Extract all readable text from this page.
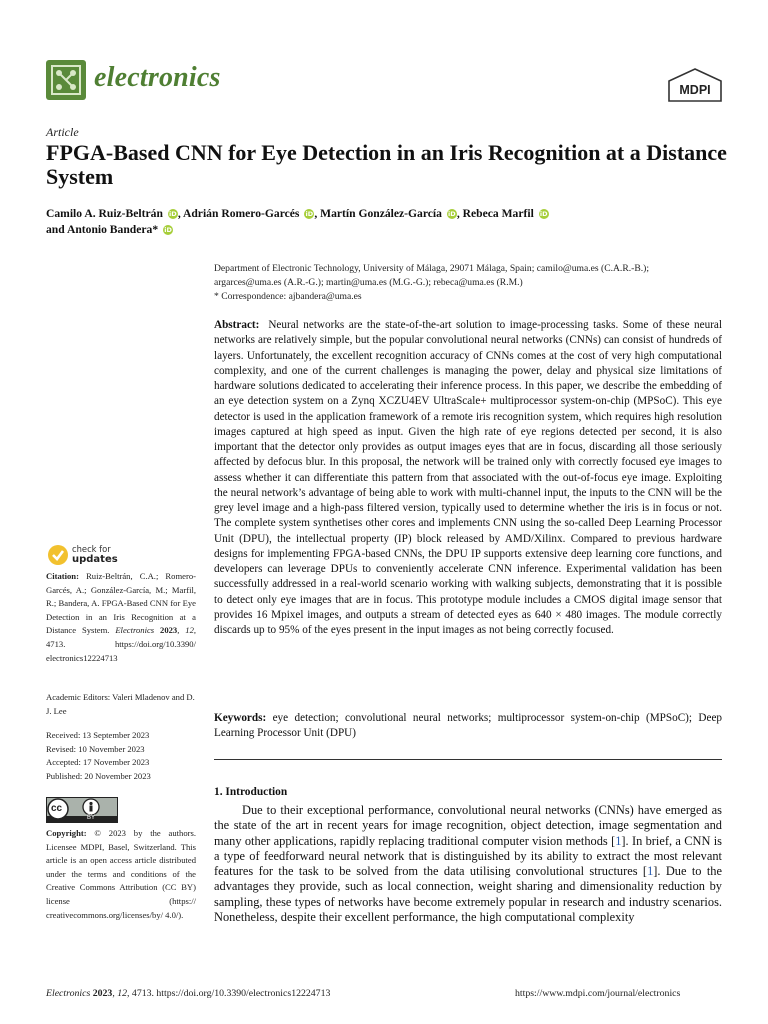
electronics	MDPI
Article
FPGA-Based CNN for Eye Detection in an Iris Recognition at a Distance System
Camilo A. Ruiz-Beltrán iD, Adrián Romero-Garcés iD, Martín González-García iD, Rebeca Marfil iD
and Antonio Bandera* iD
Department of Electronic Technology, University of Málaga, 29071 Málaga, Spain; camilo@uma.es (C.A.R.-B.);
argarces@uma.es (A.R.-G.); martin@uma.es (M.G.-G.); rebeca@uma.es (R.M.)
* Correspondence: ajbandera@uma.es

Abstract: Neural networks are the state-of-the-art solution to image-processing tasks. Some of these neural networks are relatively simple, but the popular convolutional neural networks (CNNs) can consist of hundreds of layers. Unfortunately, the excellent recognition accuracy of CNNs comes at the cost of very high computational complexity, and one of the current challenges is managing the power, delay and physical size limitations of hardware solutions dedicated to accelerating their inference process. In this paper, we describe the embedding of an eye detection system on a Zynq XCZU4EV UltraScale+ multiprocessor system-on-chip (MPSoC). This eye detector is used in the application framework of a remote iris recognition system, which requires high resolution images captured at high speed as input. Given the high rate of eye regions detected per second, it is also important that the detector only provides as output images eyes that are in focus, discarding all those seriously affected by defocus blur. In this proposal, the network will be trained only with correctly focused eye images to assess whether it can differentiate this pattern from that associated with the out-of-focus eye image. Exploiting the neural network’s advantage of being able to work with multi-channel input, the inputs to the CNN will be the grey level image and a high-pass filtered version, typically used to determine whether the iris is in focus or not. The complete system synthetises other cores and implements CNN using the so-called Deep Learning Processor Unit (DPU), the intellectual property (IP) block released by AMD/Xilinx. Compared to previous hardware designs for implementing FPGA-based CNNs, the DPU IP supports extensive deep learning core functions, and developers can leverage DPUs to conveniently accelerate CNN inference. Experimental validation has been successfully addressed in a real-world scenario working with walking subjects, demonstrating that it is possible to detect only eye images that are in focus. This prototype module includes a CMOS digital image sensor that provides 16 Mpixel images, and outputs a stream of detected eyes as 640 × 480 images. The module correctly discards up to 95% of the eyes present in the input images as not being correctly focused.

Keywords: eye detection; convolutional neural networks; multiprocessor system-on-chip (MPSoC); Deep Learning Processor Unit (DPU)

1. Introduction

Due to their exceptional performance, convolutional neural networks (CNNs) have emerged as the state of the art in recent years for image recognition, object detection, image segmentation and many other applications, rapidly replacing traditional computer vision methods [1]. In brief, a CNN is a type of feedforward neural network that is distinguished by its ability to extract the most relevant features for the task to be solved from the data utilising convolutional structures [1]. Due to the advantages they provide, such as local connection, weight sharing and dimensionality reduction by sampling, these types of networks have become extremely popular in research and industry scenarios. Nonetheless, despite their excellent performance, the high computational complexity

check for
updates
Citation: Ruiz-Beltrán, C.A.; Romero-Garcés, A.; González-García, M.; Marfil, R.; Bandera, A. FPGA-Based CNN for Eye Detection in an Iris Recognition at a Distance System. Electronics 2023, 12, 4713. https://doi.org/10.3390/ electronics12224713
Academic Editors: Valeri Mladenov and D. J. Lee
Received: 13 September 2023
Revised: 10 November 2023
Accepted: 17 November 2023
Published: 20 November 2023
BY
cc
Copyright: © 2023 by the authors. Licensee MDPI, Basel, Switzerland. This article is an open access article distributed under the terms and conditions of the Creative Commons Attribution (CC BY) license (https:// creativecommons.org/licenses/by/ 4.0/).
Electronics 2023, 12, 4713. https://doi.org/10.3390/electronics12224713	https://www.mdpi.com/journal/electronics
